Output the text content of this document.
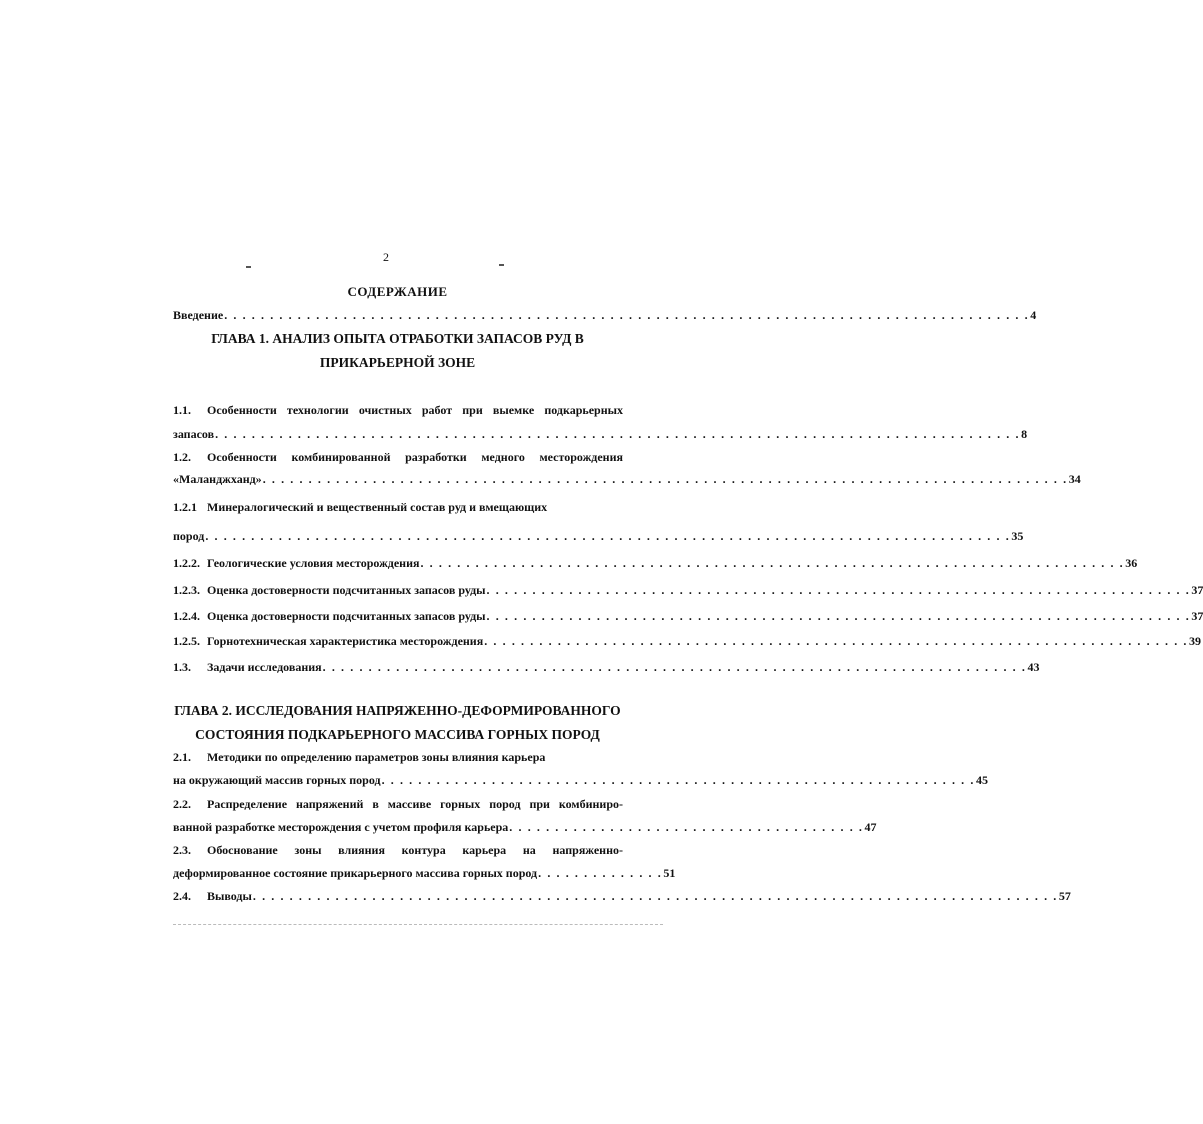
2
СОДЕРЖАНИЕ
Введение . . . . . . . . . . . . . . . . . . . . . . . . . . . . . . . . . . . . . . . . . . . . . . . . . . . . . . . . . . . . . . . . . . . . . . . . . . . . . . . . . . . . . . . . 4
ГЛАВА 1. АНАЛИЗ ОПЫТА ОТРАБОТКИ ЗАПАСОВ РУД В
ПРИКАРЬЕРНОЙ ЗОНЕ
1.1. Особенности технологии очистных работ при выемке подкарьерных
запасов . . . . . . . . . . . . . . . . . . . . . . . . . . . . . . . . . . . . . . . . . . . . . . . . . . . . . . . . . . . . . . . . . . . . . . . . . . . . . . . . . . . . . . . . 8
1.2. Особенности комбинированной разработки медного месторождения
«Маланджханд» . . . . . . . . . . . . . . . . . . . . . . . . . . . . . . . . . . . . . . . . . . . . . . . . . . . . . . . . . . . . . . . . . . . . . . . . . . . . . . . . . . . . . . . . 34
1.2.1 Минералогический и вещественный состав руд и вмещающих
пород . . . . . . . . . . . . . . . . . . . . . . . . . . . . . . . . . . . . . . . . . . . . . . . . . . . . . . . . . . . . . . . . . . . . . . . . . . . . . . . . . . . . . . . . 35
1.2.2. Геологические условия месторождения . . . . . . . . . . . . . . . . . . . . . . . . . . . . . . . . . . . . . . . . . . . . . . . . . . . . . . . . . . . . . . . . . . . . . . . . . . . . . 36
1.2.3. Оценка достоверности подсчитанных запасов руды . . . . . . . . . . . . . . . . . . . . . . . . . . . . . . . . . . . . . . . . . . . . . . . . . . . . . . . . . . . . . . . . . . . . . . . . . . . . . 37
1.2.4. Оценка достоверности подсчитанных запасов руды . . . . . . . . . . . . . . . . . . . . . . . . . . . . . . . . . . . . . . . . . . . . . . . . . . . . . . . . . . . . . . . . . . . . . . . . . . . . . 37
1.2.5. Горнотехническая характеристика месторождения . . . . . . . . . . . . . . . . . . . . . . . . . . . . . . . . . . . . . . . . . . . . . . . . . . . . . . . . . . . . . . . . . . . . . . . . . . . . . 39
1.3. Задачи исследования . . . . . . . . . . . . . . . . . . . . . . . . . . . . . . . . . . . . . . . . . . . . . . . . . . . . . . . . . . . . . . . . . . . . . . . . . . . . . 43
ГЛАВА 2. ИССЛЕДОВАНИЯ НАПРЯЖЕННО-ДЕФОРМИРОВАННОГО
СОСТОЯНИЯ ПОДКАРЬЕРНОГО МАССИВА ГОРНЫХ ПОРОД
2.1. Методики по определению параметров зоны влияния карьера
на окружающий массив горных пород . . . . . . . . . . . . . . . . . . . . . . . . . . . . . . . . . . . . . . . . . . . . . . . . . . . . . . . . . . . . . . . . . 45
2.2. Распределение напряжений в массиве горных пород при комбиниро-
ванной разработке месторождения с учетом профиля карьера . . . . . . . . . . . . . . . . . . . . . . . . . . . . . . . . . . . . . . . 47
2.3. Обоснование зоны влияния контура карьера на напряженно-
деформированное состояние прикарьерного массива горных пород . . . . . . . . . . . . . . 51
2.4. Выводы . . . . . . . . . . . . . . . . . . . . . . . . . . . . . . . . . . . . . . . . . . . . . . . . . . . . . . . . . . . . . . . . . . . . . . . . . . . . . . . . . . . . . . . . 57
